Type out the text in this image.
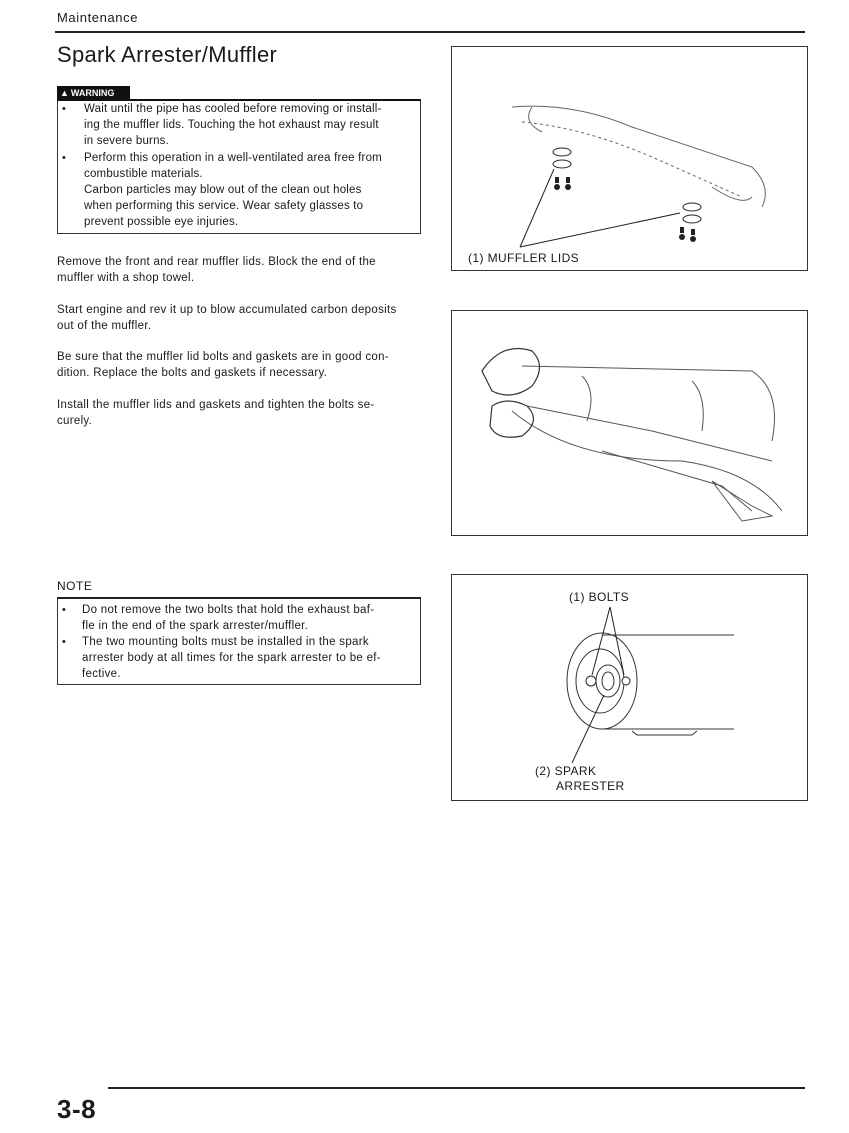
Maintenance
Spark Arrester/Muffler
▲ WARNING
•	Wait until the pipe has cooled before removing or install-
ing the muffler lids. Touching the hot exhaust may result
in severe burns.
•	Perform this operation in a well-ventilated area free from
combustible materials.
Carbon particles may blow out of the clean out holes
when performing this service. Wear safety glasses to
prevent possible eye injuries.
Remove the front and rear muffler lids. Block the end of the
muffler with a shop towel.
Start engine and rev it up to blow accumulated carbon deposits
out of the muffler.
Be sure that the muffler lid bolts and gaskets are in good con-
dition. Replace the bolts and gaskets if necessary.
Install the muffler lids and gaskets and tighten the bolts se-
curely.
NOTE
•	Do not remove the two bolts that hold the exhaust baf-
fle in the end of the spark arrester/muffler.
•	The two mounting bolts must be installed in the spark
arrester body at all times for the spark arrester to be ef-
fective.
(1) MUFFLER LIDS
(1) BOLTS
(2) SPARK
ARRESTER
3-8
